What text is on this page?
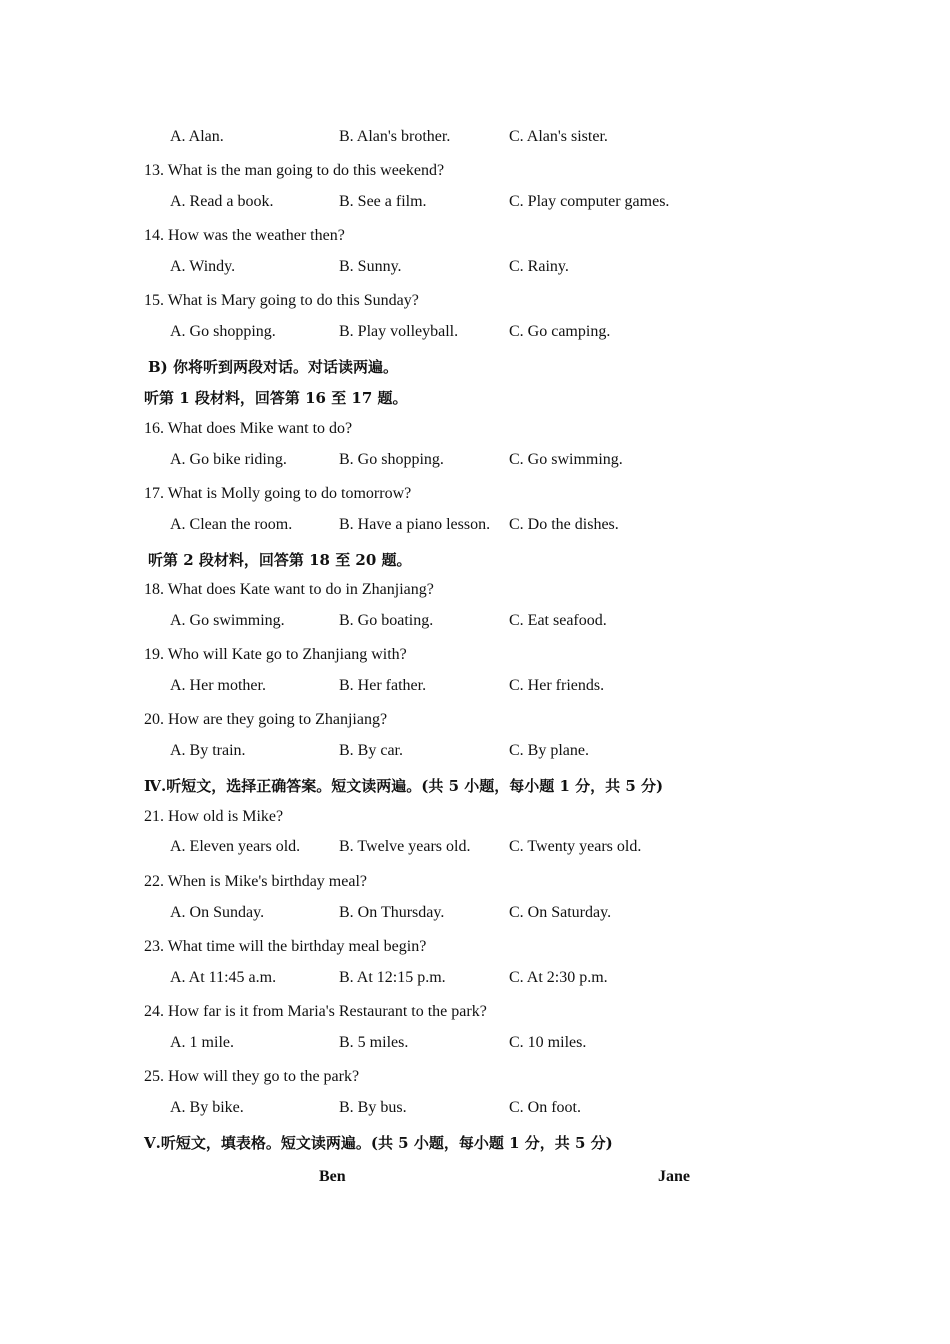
A. Alan.	B. Alan's brother.	C. Alan's sister.
13. What is the man going to do this weekend?
A. Read a book.	B. See a film.	C. Play computer games.
14. How was the weather then?
A. Windy.	B. Sunny.	C. Rainy.
15. What is Mary going to do this Sunday?
A. Go shopping.	B. Play volleyball.	C. Go camping.
B) 你将听到两段对话。对话读两遍。
听第 1 段材料，回答第 16 至 17 题。
16. What does Mike want to do?
A. Go bike riding.	B. Go shopping.	C. Go swimming.
17. What is Molly going to do tomorrow?
A. Clean the room.	B. Have a piano lesson. C. Do the dishes.
听第 2 段材料，回答第 18 至 20 题。
18. What does Kate want to do in Zhanjiang?
A. Go swimming.	B. Go boating.	C. Eat seafood.
19. Who will Kate go to Zhanjiang with?
A. Her mother.	B. Her father.	C. Her friends.
20. How are they going to Zhanjiang?
A. By train.	B. By car.	C. By plane.
Ⅳ.听短文，选择正确答案。短文读两遍。(共 5 小题，每小题 1 分，共 5 分)
21. How old is Mike?
A. Eleven years old. B. Twelve years old. C. Twenty years old.
22. When is Mike's birthday meal?
A. On Sunday.	B. On Thursday.	C. On Saturday.
23. What time will the birthday meal begin?
A. At 11:45 a.m.	B. At 12:15 p.m.	C. At 2:30 p.m.
24. How far is it from Maria's Restaurant to the park?
A. 1 mile.	B. 5 miles.	C. 10 miles.
25. How will they go to the park?
A. By bike.	B. By bus.	C. On foot.
Ⅴ.听短文，填表格。短文读两遍。(共 5 小题，每小题 1 分，共 5 分)
Ben	Jane
